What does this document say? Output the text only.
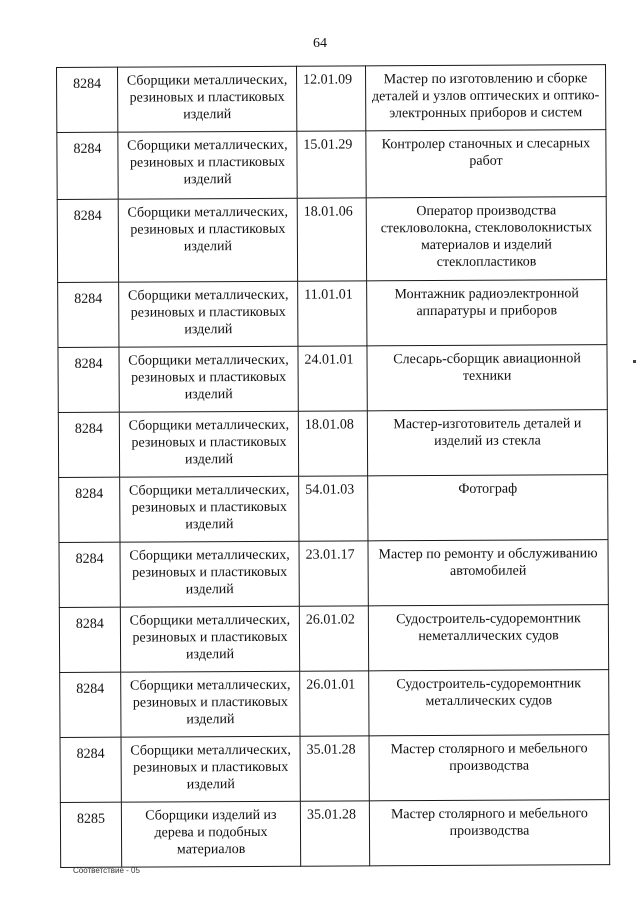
64
8284	Сборщики металлических, резиновых и пластиковых изделий	12.01.09	Мастер по изготовлению и сборке деталей и узлов оптических и оптико-электронных приборов и систем
8284	Сборщики металлических, резиновых и пластиковых изделий	15.01.29	Контролер станочных и слесарных работ
8284	Сборщики металлических, резиновых и пластиковых изделий	18.01.06	Оператор производства стекловолокна, стекловолокнистых материалов и изделий стеклопластиков
8284	Сборщики металлических, резиновых и пластиковых изделий	11.01.01	Монтажник радиоэлектронной аппаратуры и приборов
8284	Сборщики металлических, резиновых и пластиковых изделий	24.01.01	Слесарь-сборщик авиационной техники
8284	Сборщики металлических, резиновых и пластиковых изделий	18.01.08	Мастер-изготовитель деталей и изделий из стекла
8284	Сборщики металлических, резиновых и пластиковых изделий	54.01.03	Фотограф
8284	Сборщики металлических, резиновых и пластиковых изделий	23.01.17	Мастер по ремонту и обслуживанию автомобилей
8284	Сборщики металлических, резиновых и пластиковых изделий	26.01.02	Судостроитель-судоремонтник неметаллических судов
8284	Сборщики металлических, резиновых и пластиковых изделий	26.01.01	Судостроитель-судоремонтник металлических судов
8284	Сборщики металлических, резиновых и пластиковых изделий	35.01.28	Мастер столярного и мебельного производства
8285	Сборщики изделий из дерева и подобных материалов	35.01.28	Мастер столярного и мебельного производства
Соответствие - 05
